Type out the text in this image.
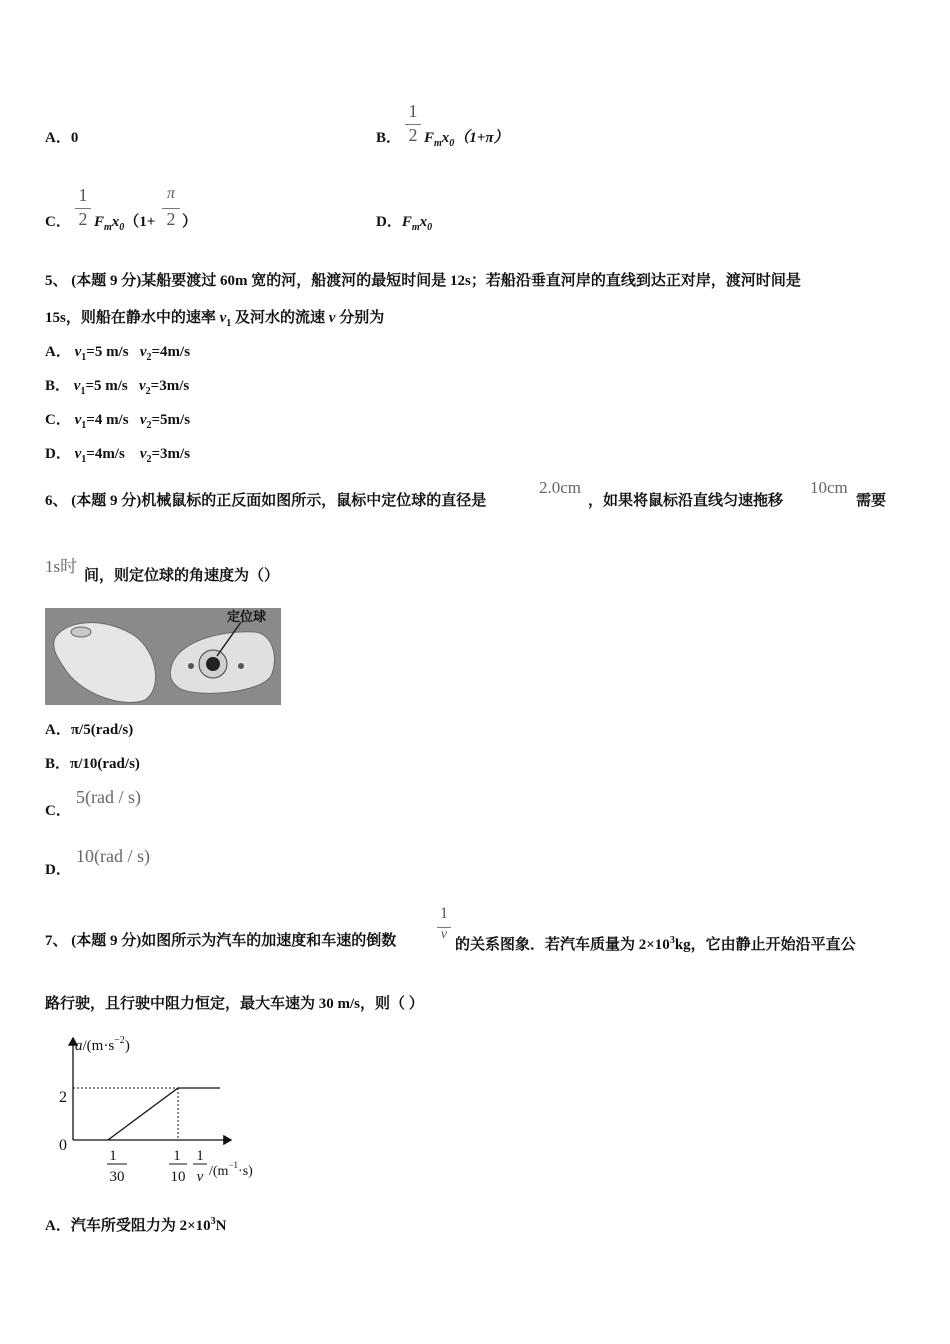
A．0	B．
1
2 $F_mx_0(1+\pi)$
C．
1
2 $F_mx_0(1+$
π
2 ）	D．$F_mx_0$
5、 (本题 9 分)某船要渡过 60m 宽的河，船渡河的最短时间是 12s；若船沿垂直河岸的直线到达正对岸，渡河时间是
15s，则船在静水中的速率 $v_1$ 及河水的流速 v 分别为
A． $v_1=5$ m/s $v_2=4m/s$
B． $v_1=5$ m/s $v_2=3m/s$
C． $v_1=4$ m/s $v_2=5m/s$
D． $v_1=4m/s$ $v_2=3m/s$
6、 (本题 9 分)机械鼠标的正反面如图所示，鼠标中定位球的直径是
2.0cm
，如果将鼠标沿直线匀速拖移
10cm
需要
1s时 间，则定位球的角速度为（）
定位球
A．π/5(rad/s)
B．π/10(rad/s)
C．
5(rad / s)
D．
10(rad / s)
7、 (本题 9 分)如图所示为汽车的加速度和车速的倒数
1
v
的关系图象．若汽车质量为 $2\times 10^3kg$，它由静止开始沿平直公
路行驶，且行驶中阻力恒定，最大车速为 30 m/s，则（ ）
$a/(m\cdot s^{-2})$
2
0
1
30
1
10
1
v $/(m^{-1}\cdot s)$
A．汽车所受阻力为 $2\times 10^3N$
